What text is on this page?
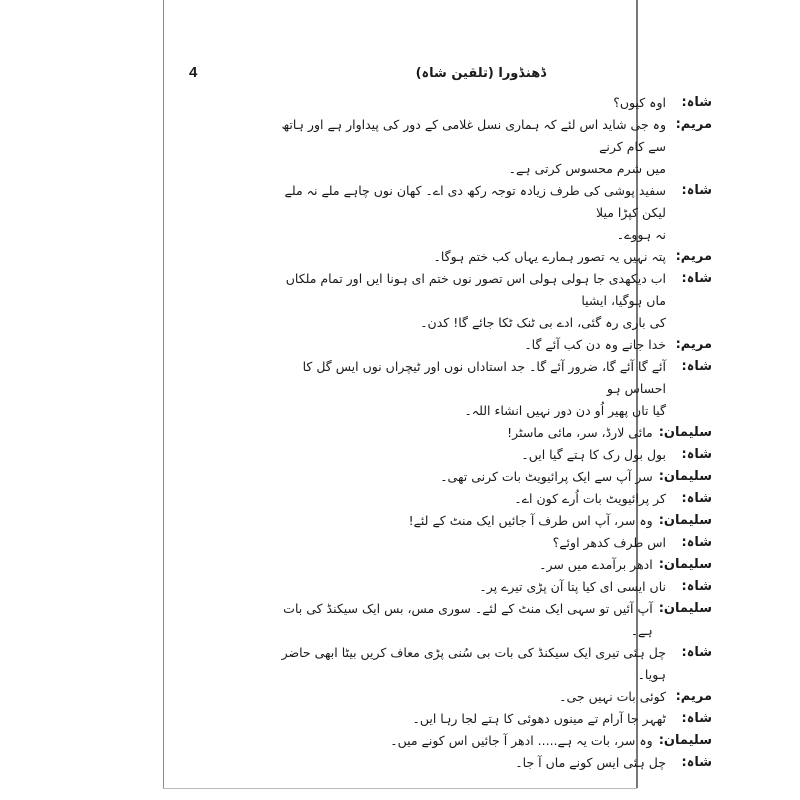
4	ڈھنڈورا (تلقین شاہ)
شاہ:
اوہ کیوں؟
مریم:
وہ جی شاید اس لئے کہ ہماری نسل غلامی کے دور کی پیداوار ہے اور ہاتھ سے کام کرنے
میں شرم محسوس کرتی ہے۔
شاہ:
سفید پوشی کی طرف زیادہ توجہ رکھ دی اے۔ کھان نوں چاہے ملے نہ ملے لیکن کپڑا میلا
نہ ہووے۔
مریم:
پتہ نہیں یہ تصور ہمارے یہاں کب ختم ہوگا۔
شاہ:
اب دیکھدی جا ہولی ہولی اس تصور نوں ختم ای ہونا ایں اور تمام ملکاں ماں ہوگیا، ایشیا
کی باری رہ گئی، ادے بی ٹنک ٹکا جائے گا! کدن۔
مریم:
خدا جانے وہ دن کب آئے گا۔
شاہ:
آئے گا آئے گا، ضرور آئے گا۔ جد استاداں نوں اور ٹیچراں نوں ایس گل کا احساس ہو
گیا تاں پھیر اُو دن دور نہیں انشاء اللہ۔
سلیمان:
مائی لارڈ، سر، مائی ماسٹر!
شاہ:
بول بول رک کا ہتے گیا ایں۔
سلیمان:
سر آپ سے ایک پرائیویٹ بات کرنی تھی۔
شاہ:
کر پرائیویٹ بات اُرے کون اے۔
سلیمان:
وہ سر، آپ اس طرف آ جائیں ایک منٹ کے لئے!
شاہ:
اس طرف کدھر اوئے؟
سلیمان:
ادھر برآمدے میں سر۔
شاہ:
ناں ایسی ای کیا پتا آن پڑی تیرے پر۔
سلیمان:
آپ آئیں تو سہی ایک منٹ کے لئے۔ سوری مس، بس ایک سیکنڈ کی بات ہے۔
شاہ:
چل ہئی تیری ایک سیکنڈ کی بات بی سُنی پڑی معاف کریں بیٹا ابھی حاضر ہویا۔
مریم:
کوئی بات نہیں جی۔
شاہ:
ٹھہر جا آرام تے مینوں دھوئی کا ہتے لجا رہا ایں۔
سلیمان:
وہ سر، بات یہ ہے..... ادھر آ جائیں اس کونے میں۔
شاہ:
چل ہئی ایس کونے ماں آ جا۔
